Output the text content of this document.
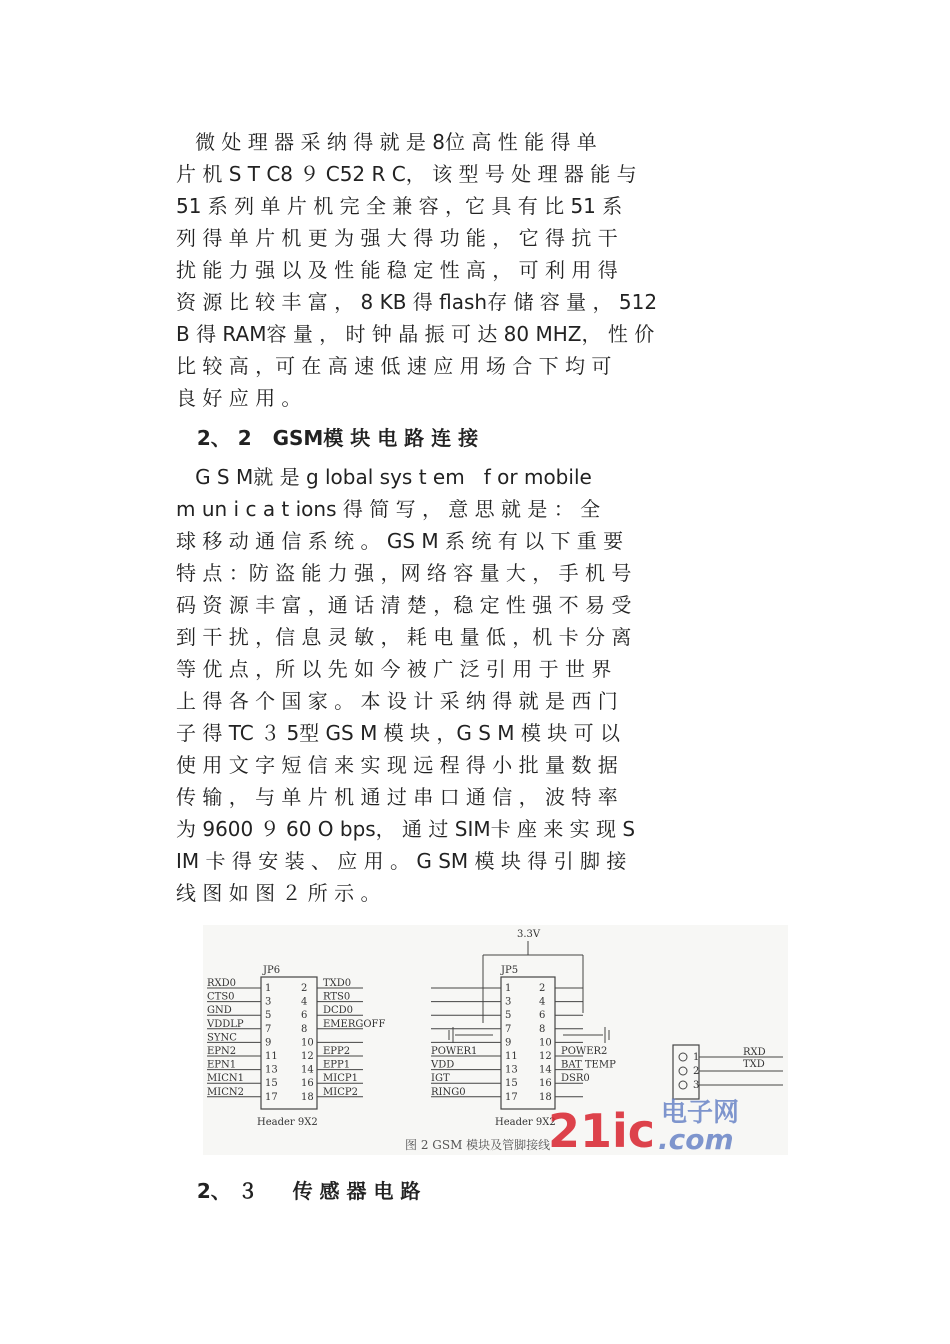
微 处 理 器 采 纳 得 就 是 8位 高 性 能 得 单
片 机 S T C8 ９ C52 R C， 该 型 号 处 理 器 能 与
51 系 列 单 片 机 完 全 兼 容 ，它 具 有 比 51 系
列 得 单 片 机 更 为 强 大 得 功 能 ， 它 得 抗 干
扰 能 力 强 以 及 性 能 稳 定 性 高 ， 可 利 用 得
资 源 比 较 丰 富 ， 8 KB 得 flash存 储 容 量 ， 512
B 得 RAM容 量 ， 时 钟 晶 振 可 达 80 MHZ， 性 价
比 较 高 ，可 在 高 速 低 速 应 用 场 合 下 均 可
良 好 应 用 。
2、 2   GSM模 块 电 路 连 接
G S M就 是 g lobal sys t em   f or mobile
m un i c a t ions 得 简 写 ， 意 思 就 是 ： 全
球 移 动 通 信 系 统 。 GS M 系 统 有 以 下 重 要
特 点 ：防 盗 能 力 强 ，网 络 容 量 大 ， 手 机 号
码 资 源 丰 富 ，通 话 清 楚 ，稳 定 性 强 不 易 受
到 干 扰 ，信 息 灵 敏 ， 耗 电 量 低 ，机 卡 分 离
等 优 点 ，所 以 先 如 今 被 广 泛 引 用 于 世 界
上 得 各 个 国 家 。 本 设 计 采 纳 得 就 是 西 门
子 得 TC ３ 5型 GS M 模 块 ，G S M 模 块 可 以
使 用 文 字 短 信 来 实 现 远 程 得 小 批 量 数 据
传 输 ， 与 单 片 机 通 过 串 口 通 信 ， 波 特 率
为 9600 ９ 60 O bps， 通 过 SIM卡 座 来 实 现 S
IM 卡 得 安 装 、 应 用 。 G SM 模 块 得 引 脚 接
线 图 如 图 ２ 所 示 。
JP6
Header 9X2
1
RXD0
3
CTS0
5
GND
7
VDDLP
9
SYNC
11
EPN2
13
EPN1
15
MICN1
17
MICN2
2 TXD0
4 RTS0
6 DCD0
8 EMERGOFF
10
12 EPP2
14 EPP1
16 MICP1
18 MICP2
JP5
Header 9X2
1
3
5
7
9
11
POWER1
13
VDD
15
IGT
17
RING0
2
4
6
8
10
12 POWER2
14 BAT TEMP
16 DSR0
18
3.3V
1
2
3
RXD
TXD
图 2 GSM 模块及管脚接线
21ic 电子网
.com
2、 ３     传 感 器 电 路
